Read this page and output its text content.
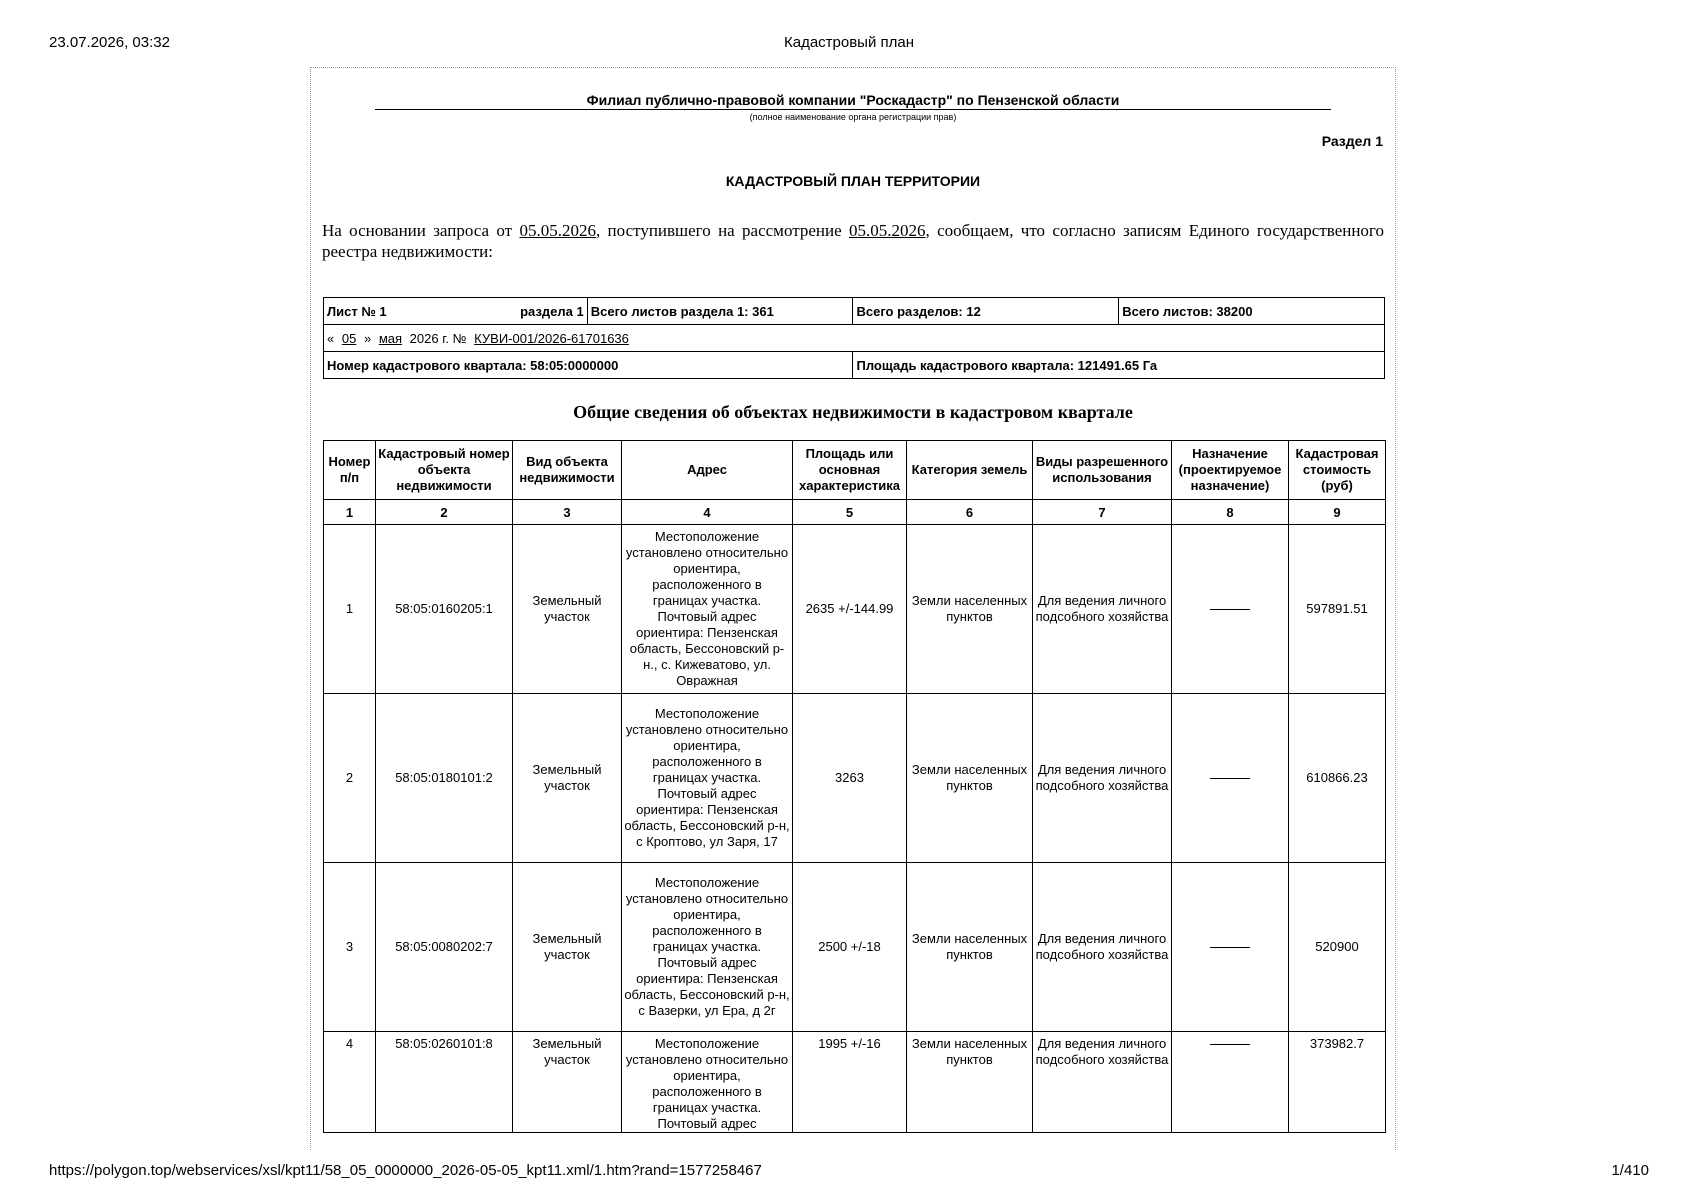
23.07.2026, 03:32	Кадастровый план
Филиал публично-правовой компании "Роскадастр" по Пензенской области
(полное наименование органа регистрации прав)
Раздел 1
КАДАСТРОВЫЙ ПЛАН ТЕРРИТОРИИ
На основании запроса от 05.05.2026, поступившего на рассмотрение 05.05.2026, сообщаем, что согласно записям Единого государственного реестра недвижимости:
Лист № 1 раздела 1	Всего листов раздела 1: 361	Всего разделов: 12	Всего листов: 38200
« 05 » мая 2026 г. № КУВИ-001/2026-61701636			
Номер кадастрового квартала: 58:05:0000000		Площадь кадастрового квартала: 121491.65 Га	
Общие сведения об объектах недвижимости в кадастровом квартале
Номер п/п	Кадастровый номер объекта недвижимости	Вид объекта недвижимости	Адрес	Площадь или основная характеристика	Категория земель	Виды разрешенного использования	Назначение (проектируемое назначение)	Кадастровая стоимость (руб)
1	2	3	4	5	6	7	8	9
1	58:05:0160205:1	Земельный участок	Местоположение установлено относительно ориентира, расположенного в границах участка. Почтовый адрес ориентира: Пензенская область, Бессоновский р-н., с. Кижеватово, ул. Овражная	2635 +/-144.99	Земли населенных пунктов	Для ведения личного подсобного хозяйства		597891.51
2	58:05:0180101:2	Земельный участок	Местоположение установлено относительно ориентира, расположенного в границах участка. Почтовый адрес ориентира: Пензенская область, Бессоновский р-н, с Кроптово, ул Заря, 17	3263	Земли населенных пунктов	Для ведения личного подсобного хозяйства		610866.23
3	58:05:0080202:7	Земельный участок	Местоположение установлено относительно ориентира, расположенного в границах участка. Почтовый адрес ориентира: Пензенская область, Бессоновский р-н, с Вазерки, ул Ера, д 2г	2500 +/-18	Земли населенных пунктов	Для ведения личного подсобного хозяйства		520900
4	58:05:0260101:8	Земельный участок	Местоположение установлено относительно ориентира, расположенного в границах участка. Почтовый адрес	1995 +/-16	Земли населенных пунктов	Для ведения личного подсобного хозяйства		373982.7
https://polygon.top/webservices/xsl/kpt11/58_05_0000000_2026-05-05_kpt11.xml/1.htm?rand=1577258467	1/410
